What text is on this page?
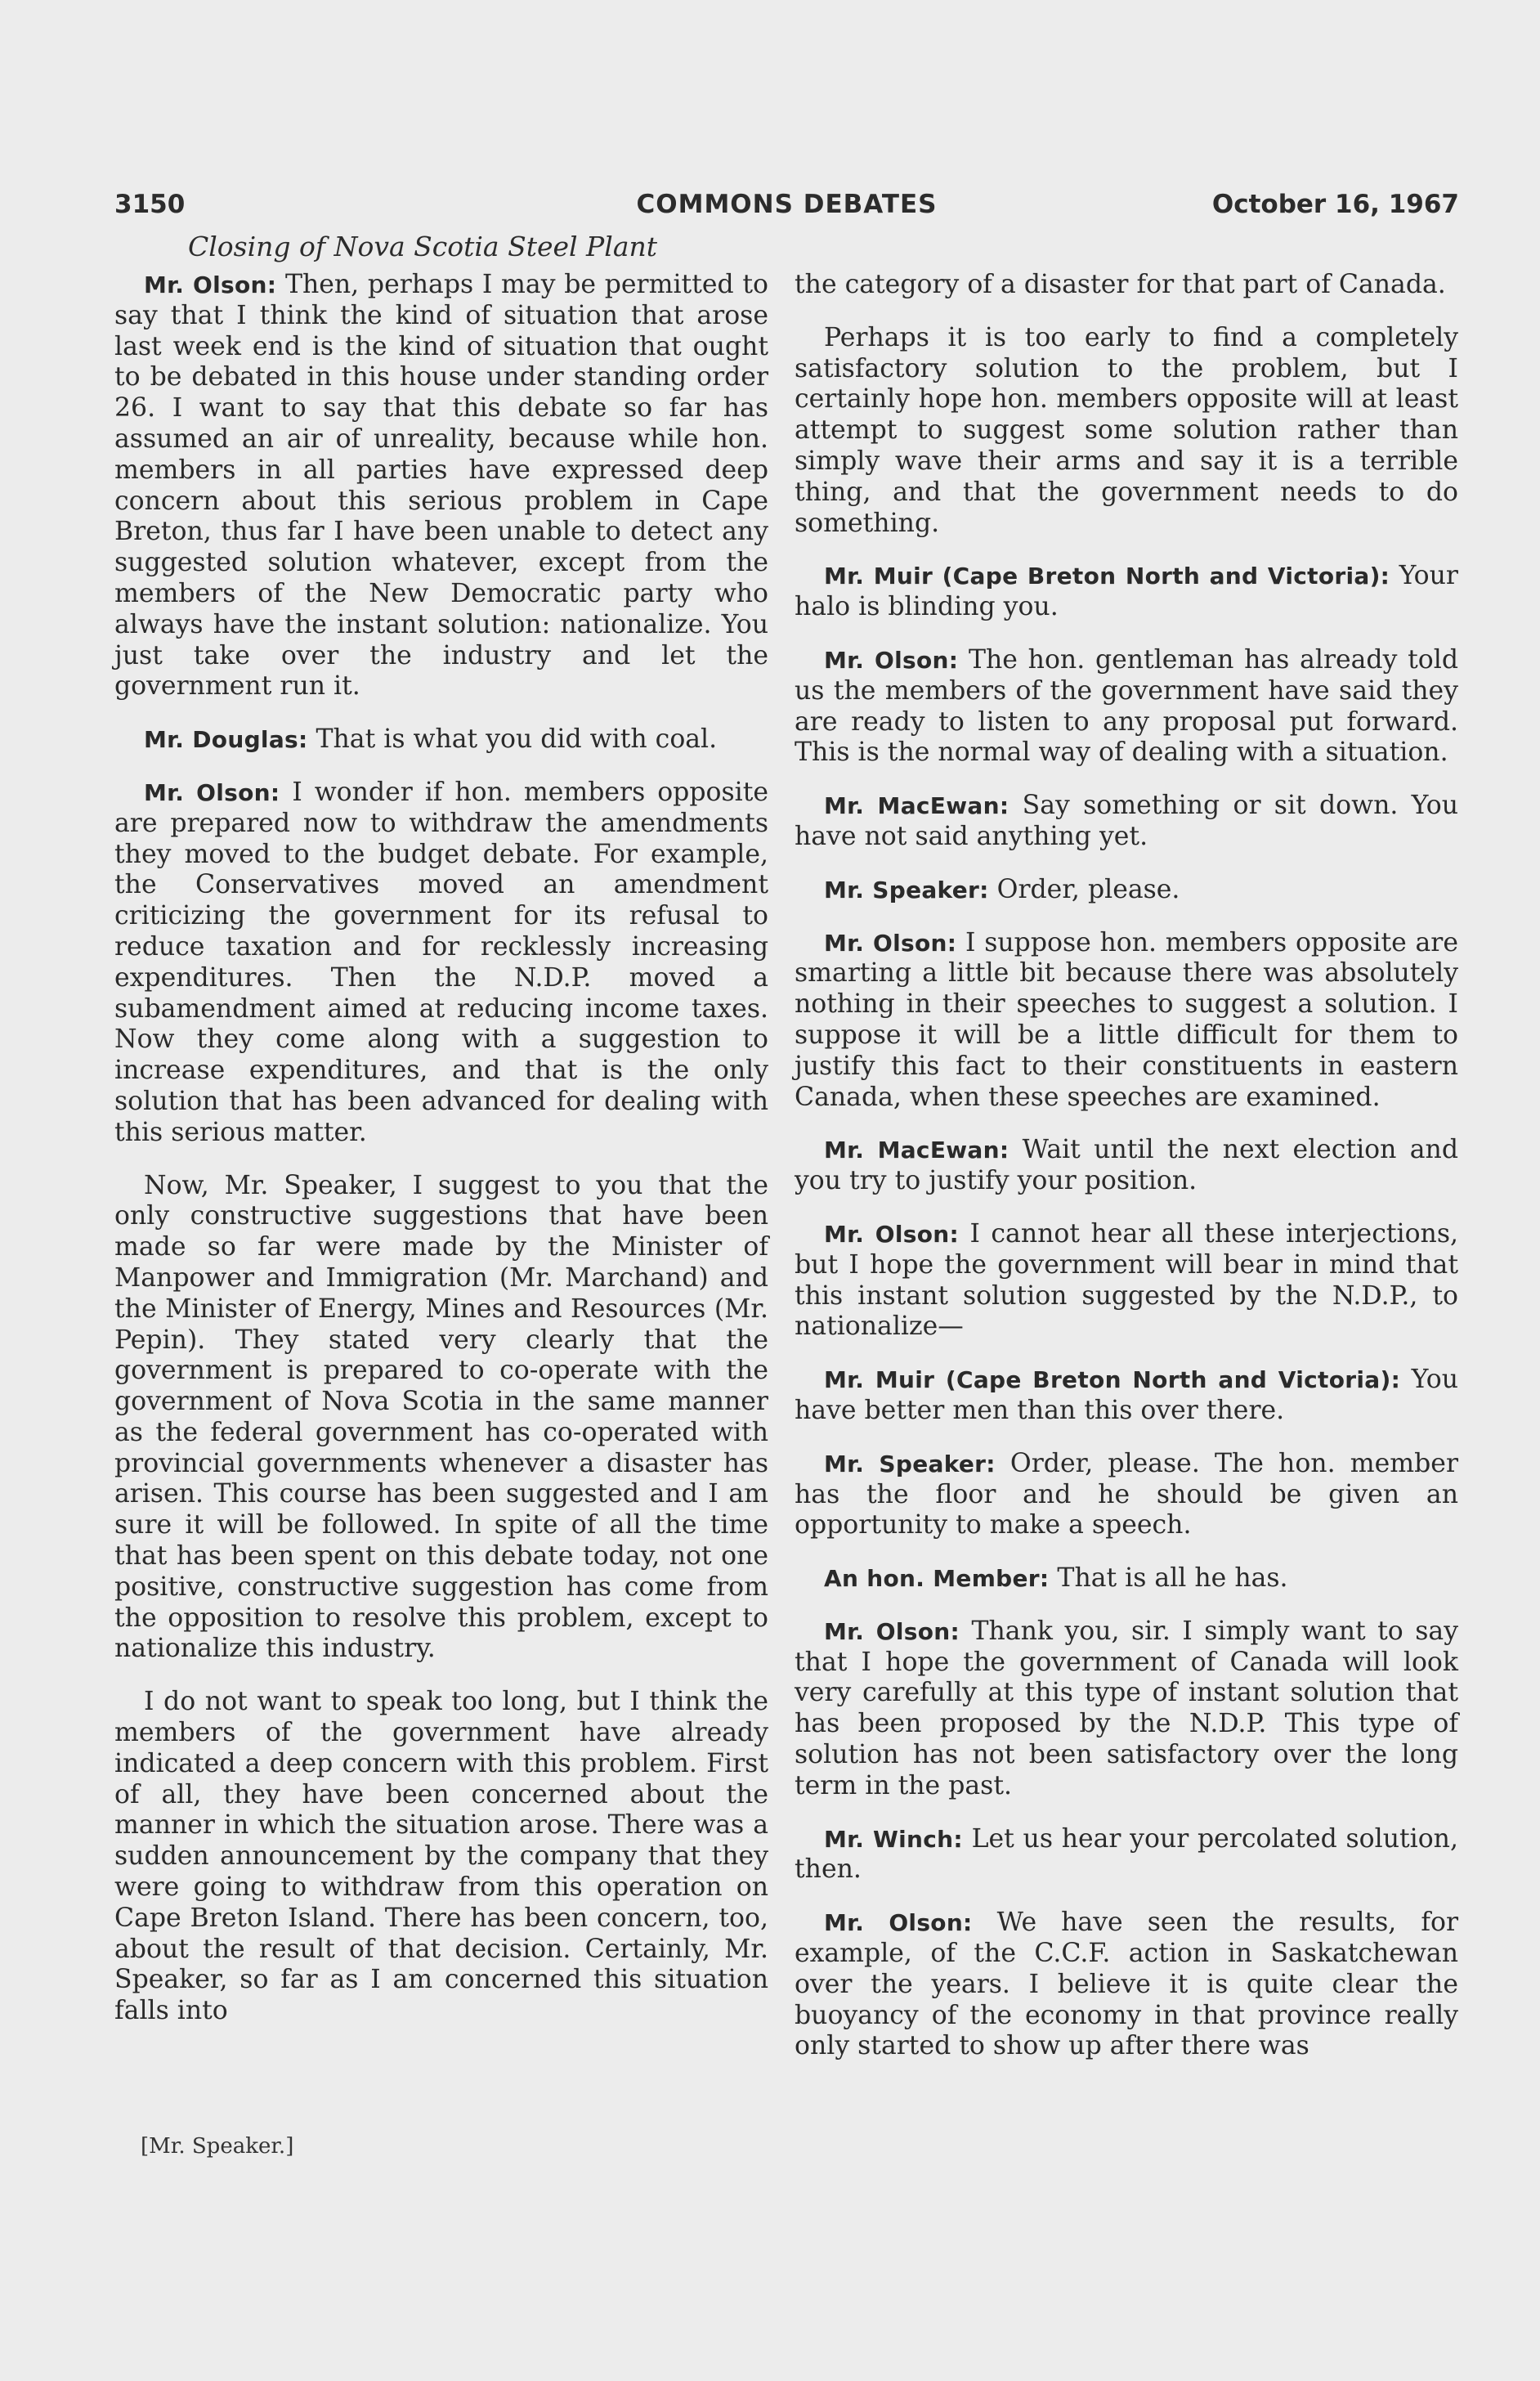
3150	COMMONS DEBATES	October 16, 1967
Closing of Nova Scotia Steel Plant

Mr. Olson: Then, perhaps I may be permitted to say that I think the kind of situation that arose last week end is the kind of situation that ought to be debated in this house under standing order 26. I want to say that this debate so far has assumed an air of unreality, because while hon. members in all parties have expressed deep concern about this serious problem in Cape Breton, thus far I have been unable to detect any suggested solution whatever, except from the members of the New Democratic party who always have the instant solution: nationalize. You just take over the industry and let the government run it.

Mr. Douglas: That is what you did with coal.

Mr. Olson: I wonder if hon. members opposite are prepared now to withdraw the amendments they moved to the budget debate. For example, the Conservatives moved an amendment criticizing the government for its refusal to reduce taxation and for recklessly increasing expenditures. Then the N.D.P. moved a subamendment aimed at reducing income taxes. Now they come along with a suggestion to increase expenditures, and that is the only solution that has been advanced for dealing with this serious matter.

Now, Mr. Speaker, I suggest to you that the only constructive suggestions that have been made so far were made by the Minister of Manpower and Immigration (Mr. Marchand) and the Minister of Energy, Mines and Resources (Mr. Pepin). They stated very clearly that the government is prepared to co-operate with the government of Nova Scotia in the same manner as the federal government has co-operated with provincial governments whenever a disaster has arisen. This course has been suggested and I am sure it will be followed. In spite of all the time that has been spent on this debate today, not one positive, constructive suggestion has come from the opposition to resolve this problem, except to nationalize this industry.

I do not want to speak too long, but I think the members of the government have already indicated a deep concern with this problem. First of all, they have been concerned about the manner in which the situation arose. There was a sudden announcement by the company that they were going to withdraw from this operation on Cape Breton Island. There has been concern, too, about the result of that decision. Certainly, Mr. Speaker, so far as I am concerned this situation falls into

the category of a disaster for that part of Canada.

Perhaps it is too early to find a completely satisfactory solution to the problem, but I certainly hope hon. members opposite will at least attempt to suggest some solution rather than simply wave their arms and say it is a terrible thing, and that the government needs to do something.

Mr. Muir (Cape Breton North and Victoria): Your halo is blinding you.

Mr. Olson: The hon. gentleman has already told us the members of the government have said they are ready to listen to any proposal put forward. This is the normal way of dealing with a situation.

Mr. MacEwan: Say something or sit down. You have not said anything yet.

Mr. Speaker: Order, please.

Mr. Olson: I suppose hon. members opposite are smarting a little bit because there was absolutely nothing in their speeches to suggest a solution. I suppose it will be a little difficult for them to justify this fact to their constituents in eastern Canada, when these speeches are examined.

Mr. MacEwan: Wait until the next election and you try to justify your position.

Mr. Olson: I cannot hear all these interjections, but I hope the government will bear in mind that this instant solution suggested by the N.D.P., to nationalize—

Mr. Muir (Cape Breton North and Victoria): You have better men than this over there.

Mr. Speaker: Order, please. The hon. member has the floor and he should be given an opportunity to make a speech.

An hon. Member: That is all he has.

Mr. Olson: Thank you, sir. I simply want to say that I hope the government of Canada will look very carefully at this type of instant solution that has been proposed by the N.D.P. This type of solution has not been satisfactory over the long term in the past.

Mr. Winch: Let us hear your percolated solution, then.

Mr. Olson: We have seen the results, for example, of the C.C.F. action in Saskatchewan over the years. I believe it is quite clear the buoyancy of the economy in that province really only started to show up after there was

[Mr. Speaker.]
